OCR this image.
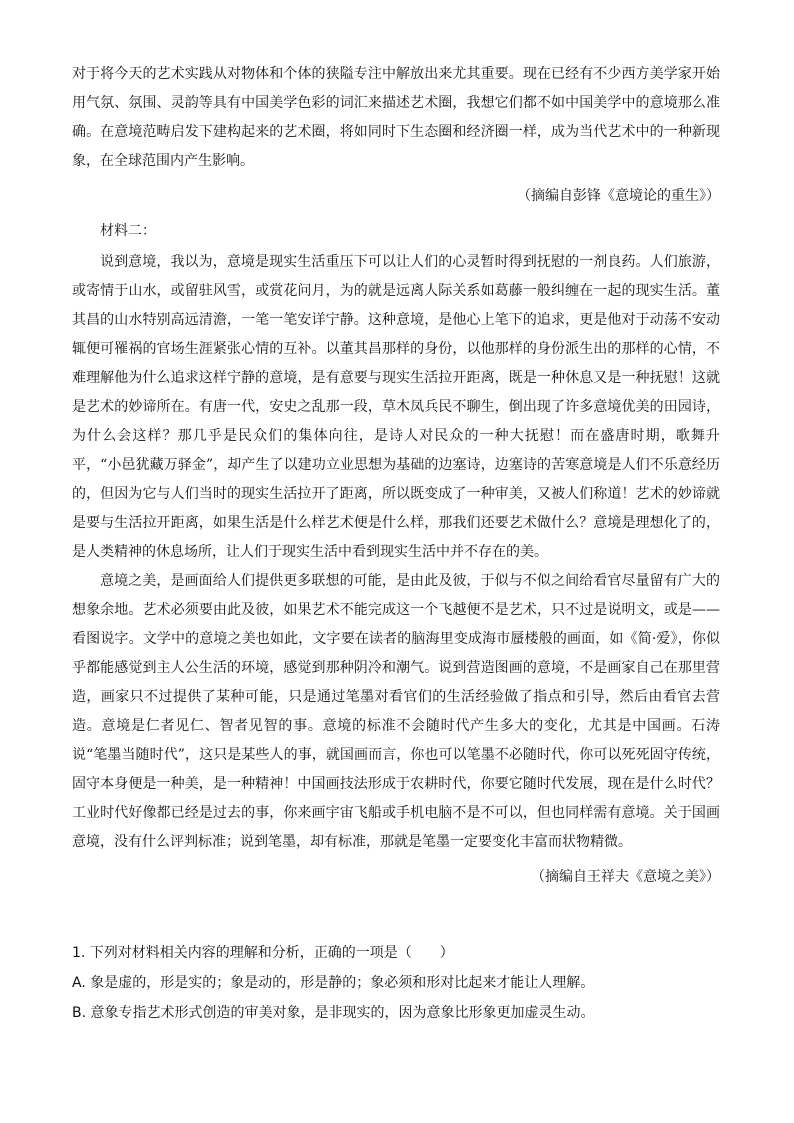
对于将今天的艺术实践从对物体和个体的狭隘专注中解放出来尤其重要。现在已经有不少西方美学家开始用气氛、氛围、灵韵等具有中国美学色彩的词汇来描述艺术圈，我想它们都不如中国美学中的意境那么准确。在意境范畴启发下建构起来的艺术圈，将如同时下生态圈和经济圈一样，成为当代艺术中的一种新现象，在全球范围内产生影响。

（摘编自彭锋《意境论的重生》）

材料二：

说到意境，我以为，意境是现实生活重压下可以让人们的心灵暂时得到抚慰的一剂良药。人们旅游，或寄情于山水，或留驻风雪，或赏花问月，为的就是远离人际关系如葛藤一般纠缠在一起的现实生活。董其昌的山水特别高远清澹，一笔一笔安详宁静。这种意境，是他心上笔下的追求，更是他对于动荡不安动辄便可罹祸的官场生涯紧张心情的互补。以董其昌那样的身份，以他那样的身份派生出的那样的心情，不难理解他为什么追求这样宁静的意境，是有意要与现实生活拉开距离，既是一种休息又是一种抚慰！这就是艺术的妙谛所在。有唐一代，安史之乱那一段，草木凤兵民不聊生，倒出现了许多意境优美的田园诗，为什么会这样？那几乎是民众们的集体向往，是诗人对民众的一种大抚慰！而在盛唐时期，歌舞升平，“小邑犹藏万驿金”，却产生了以建功立业思想为基础的边塞诗，边塞诗的苦寒意境是人们不乐意经历的，但因为它与人们当时的现实生活拉开了距离，所以既变成了一种审美，又被人们称道！艺术的妙谛就是要与生活拉开距离，如果生活是什么样艺术便是什么样，那我们还要艺术做什么？意境是理想化了的，是人类精神的休息场所，让人们于现实生活中看到现实生活中并不存在的美。

意境之美，是画面给人们提供更多联想的可能，是由此及彼，于似与不似之间给看官尽量留有广大的想象余地。艺术必须要由此及彼，如果艺术不能完成这一个飞越便不是艺术，只不过是说明文，或是——看图说字。文学中的意境之美也如此，文字要在读者的脑海里变成海市蜃楼般的画面，如《简·爱》，你似乎都能感觉到主人公生活的环境，感觉到那种阴冷和潮气。说到营造图画的意境，不是画家自己在那里营造，画家只不过提供了某种可能，只是通过笔墨对看官们的生活经验做了指点和引导，然后由看官去营造。意境是仁者见仁、智者见智的事。意境的标准不会随时代产生多大的变化，尤其是中国画。石涛说“笔墨当随时代”，这只是某些人的事，就国画而言，你也可以笔墨不必随时代，你可以死死固守传统，固守本身便是一种美，是一种精神！中国画技法形成于农耕时代，你要它随时代发展，现在是什么时代？工业时代好像都已经是过去的事，你来画宇宙飞船或手机电脑不是不可以，但也同样需有意境。关于国画意境，没有什么评判标准；说到笔墨，却有标准，那就是笔墨一定要变化丰富而状物精微。

（摘编自王祥夫《意境之美》）

1. 下列对材料相关内容的理解和分析，正确的一项是（　　）

A. 象是虚的，形是实的；象是动的，形是静的；象必须和形对比起来才能让人理解。

B. 意象专指艺术形式创造的审美对象，是非现实的，因为意象比形象更加虚灵生动。
